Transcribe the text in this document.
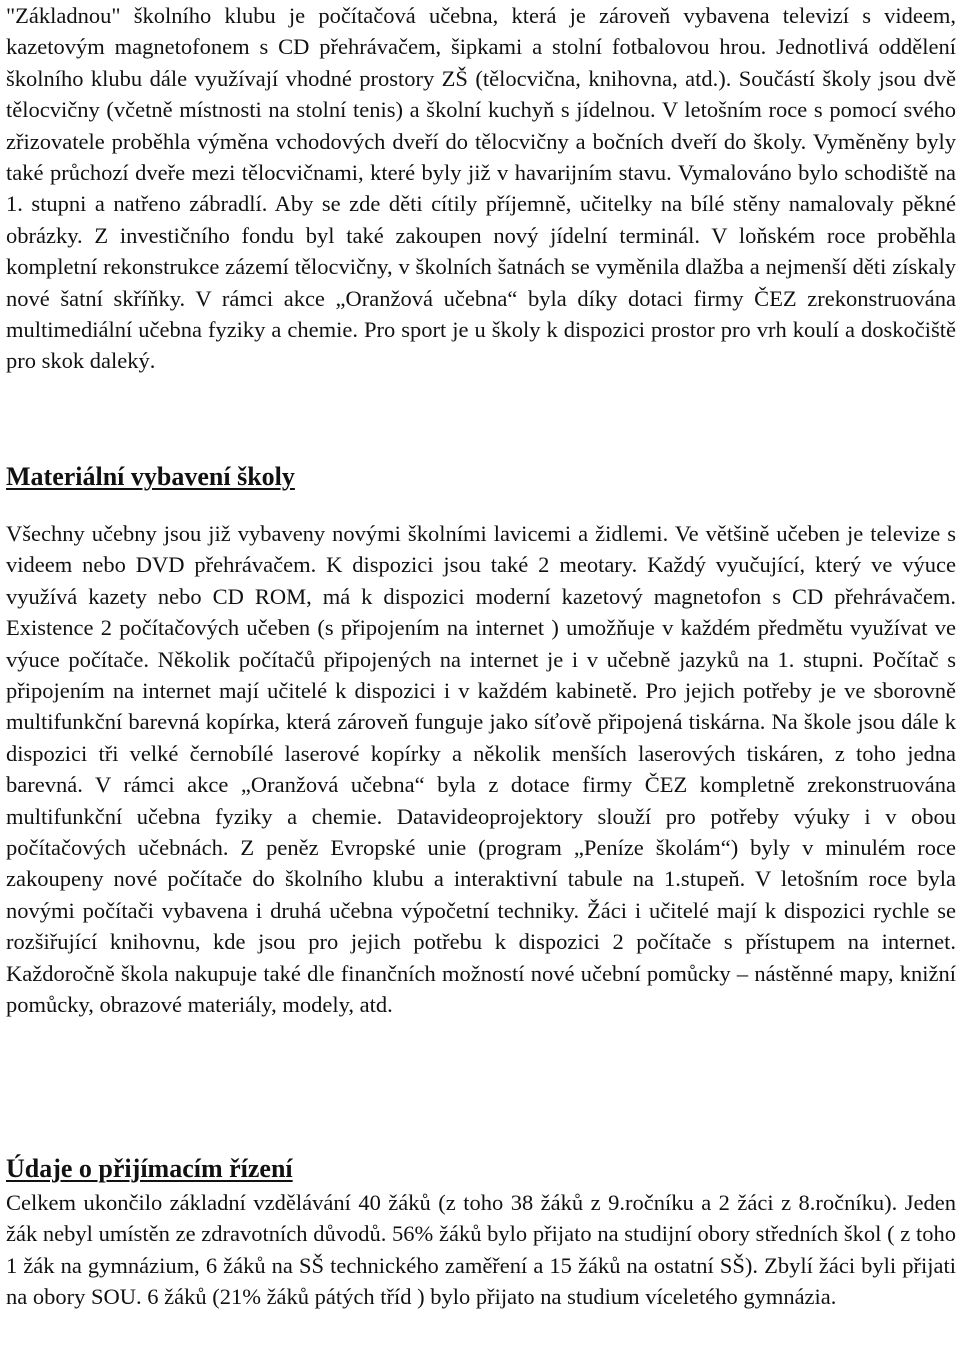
"Základnou" školního klubu je počítačová učebna, která je zároveň vybavena televizí s videem, kazetovým magnetofonem s CD přehrávačem, šipkami a stolní fotbalovou hrou. Jednotlivá oddělení školního klubu dále využívají vhodné prostory ZŠ (tělocvična, knihovna, atd.). Součástí školy jsou dvě tělocvičny (včetně místnosti na stolní tenis) a školní kuchyň s jídelnou. V letošním roce s pomocí svého zřizovatele proběhla výměna vchodových dveří do tělocvičny a bočních dveří do školy. Vyměněny byly také průchozí dveře mezi tělocvičnami, které byly již v havarijním stavu. Vymalováno bylo schodiště na 1. stupni a natřeno zábradlí. Aby se zde děti cítily příjemně, učitelky na bílé stěny namalovaly pěkné obrázky. Z investičního fondu byl také zakoupen nový jídelní terminál. V loňském roce proběhla kompletní rekonstrukce zázemí tělocvičny, v školních šatnách se vyměnila dlažba a nejmenší děti získaly nové šatní skříňky. V rámci akce „Oranžová učebna“ byla díky dotaci firmy ČEZ zrekonstruována multimediální učebna fyziky a chemie. Pro sport je u školy k dispozici prostor pro vrh koulí a doskočiště pro skok daleký.

Materiální vybavení školy

Všechny učebny jsou již vybaveny novými školními lavicemi a židlemi. Ve většině učeben je televize s videem nebo DVD přehrávačem. K dispozici jsou také 2 meotary. Každý vyučující, který ve výuce využívá kazety nebo CD ROM, má k dispozici moderní kazetový magnetofon s CD přehrávačem. Existence 2 počítačových učeben (s připojením na internet ) umožňuje v každém předmětu využívat ve výuce počítače. Několik počítačů připojených na internet je i v učebně jazyků na 1. stupni. Počítač s připojením na internet mají učitelé k dispozici i v každém kabinetě. Pro jejich potřeby je ve sborovně multifunkční barevná kopírka, která zároveň funguje jako síťově připojená tiskárna. Na škole jsou dále k dispozici tři velké černobílé laserové kopírky a několik menších laserových tiskáren, z toho jedna barevná. V rámci akce „Oranžová učebna“ byla z dotace firmy ČEZ kompletně zrekonstruována multifunkční učebna fyziky a chemie. Datavideoprojektory slouží pro potřeby výuky i v obou počítačových učebnách. Z peněz Evropské unie (program „Peníze školám“) byly v minulém roce zakoupeny nové počítače do školního klubu a interaktivní tabule na 1.stupeň. V letošním roce byla novými počítači vybavena i druhá učebna výpočetní techniky. Žáci i učitelé mají k dispozici rychle se rozšiřující knihovnu, kde jsou pro jejich potřebu k dispozici 2 počítače s přístupem na internet. Každoročně škola nakupuje také dle finančních možností nové učební pomůcky – nástěnné mapy, knižní pomůcky, obrazové materiály, modely, atd.

Údaje o přijímacím řízení

Celkem ukončilo základní vzdělávání 40 žáků (z toho 38 žáků z 9.ročníku a 2 žáci z 8.ročníku). Jeden žák nebyl umístěn ze zdravotních důvodů. 56% žáků bylo přijato na studijní obory středních škol ( z toho 1 žák na gymnázium, 6 žáků na SŠ technického zaměření a 15 žáků na ostatní SŠ). Zbylí žáci byli přijati na obory SOU. 6 žáků (21% žáků pátých tříd ) bylo přijato na studium víceletého gymnázia.
